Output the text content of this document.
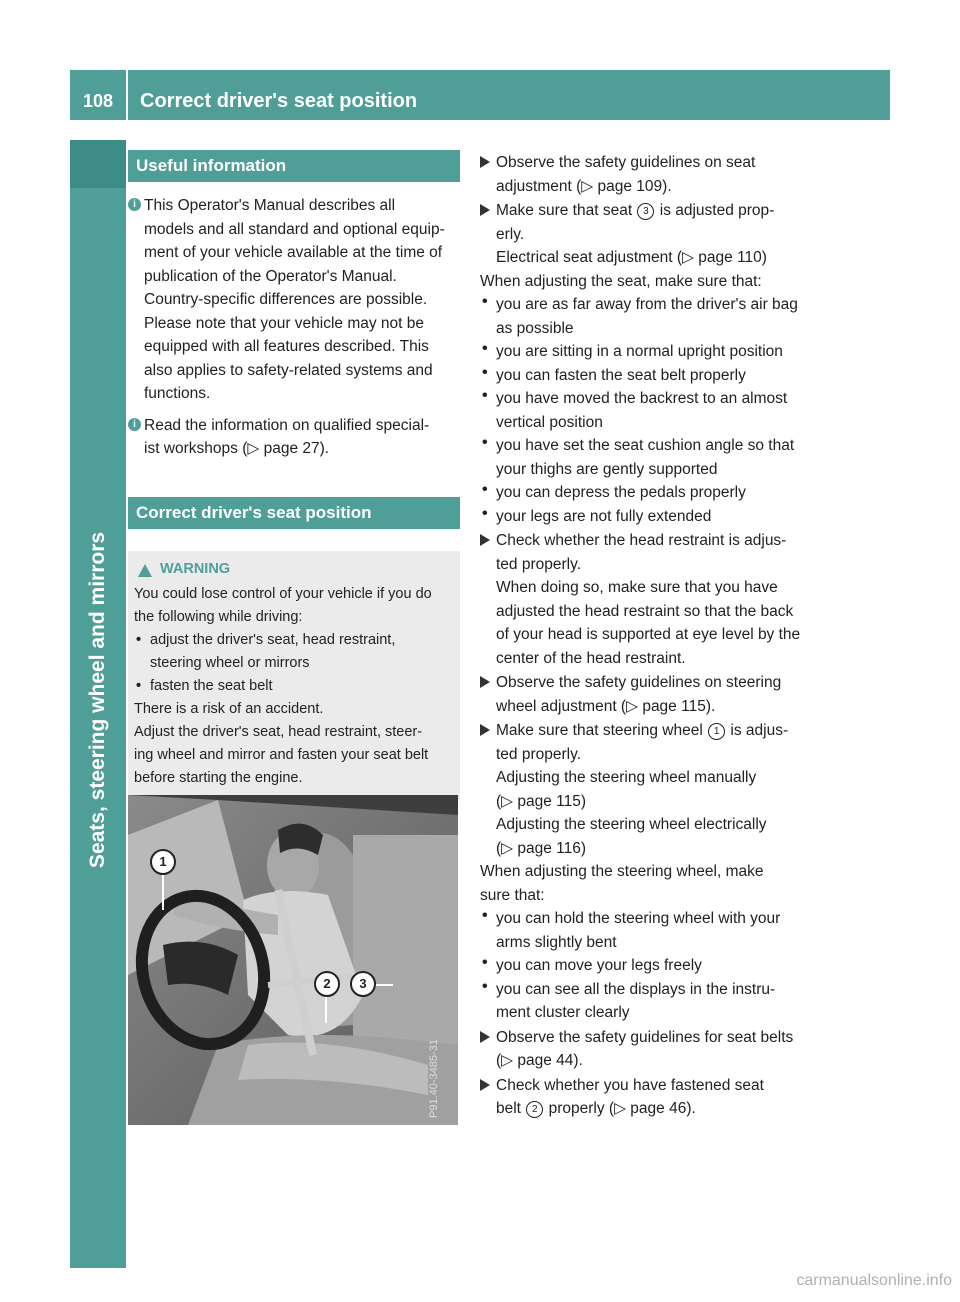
108	Correct driver's seat position
Seats, steering wheel and mirrors
Useful information
i This Operator's Manual describes all

models and all standard and optional equip-

ment of your vehicle available at the time of

publication of the Operator's Manual.

Country-specific differences are possible.

Please note that your vehicle may not be

equipped with all features described. This

also applies to safety-related systems and

functions.

i Read the information on qualified special-

ist workshops (▷ page 27).

Correct driver's seat position
WARNING

You could lose control of your vehicle if you do

the following while driving:

• adjust the driver's seat, head restraint,

steering wheel or mirrors

• fasten the seat belt

There is a risk of an accident.

Adjust the driver's seat, head restraint, steer-

ing wheel and mirror and fasten your seat belt

before starting the engine.

1
2	3
P91.40-3485-31

Observe the safety guidelines on seat

adjustment (▷ page 109).

Make sure that seat 3 is adjusted prop-

erly.

Electrical seat adjustment (▷ page 110)

When adjusting the seat, make sure that:

• you are as far away from the driver's air bag

as possible

• you are sitting in a normal upright position

• you can fasten the seat belt properly

• you have moved the backrest to an almost

vertical position

• you have set the seat cushion angle so that

your thighs are gently supported

• you can depress the pedals properly

• your legs are not fully extended

Check whether the head restraint is adjus-

ted properly.

When doing so, make sure that you have

adjusted the head restraint so that the back

of your head is supported at eye level by the

center of the head restraint.

Observe the safety guidelines on steering

wheel adjustment (▷ page 115).

Make sure that steering wheel 1 is adjus-

ted properly.

Adjusting the steering wheel manually

(▷ page 115)

Adjusting the steering wheel electrically

(▷ page 116)

When adjusting the steering wheel, make

sure that:

• you can hold the steering wheel with your

arms slightly bent

• you can move your legs freely

• you can see all the displays in the instru-

ment cluster clearly

Observe the safety guidelines for seat belts

(▷ page 44).

Check whether you have fastened seat

belt 2 properly (▷ page 46).

carmanualsonline.info
